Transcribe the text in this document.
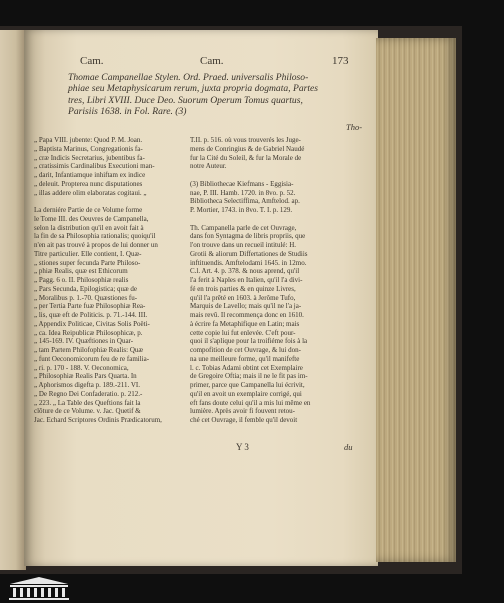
Cam.	Cam.	173
Thomae Campanellae Stylen. Ord. Praed. universalis Philoso-
phiae seu Metaphysicarum rerum, juxta propria dogmata, Partes
tres, Libri XVIII. Duce Deo. Suorum Operum Tomus quartus,
Parisiis 1638. in Fol. Rare. (3)
Tho-
„ Papa VIII. jubente: Quod P. M. Joan.
„ Baptista Marinus, Congregationis fa-
„ cræ Indicis Secretarius, jubentibus fa-
„ cratissimis Cardinalibus Executioni man-
„ darit, Infantiamque inhiftam ex indice
„ deleuit. Propterea nunc disputationes
„ illas addere olim elaboratas cogitaui. „

La derniére Partie de ce Volume forme
le Tome III. des Oeuvres de Campanella,
selon la distribution qu'il en avoit fait à
la fin de sa Philosophia rationalis; quoiqu'il
n'en ait pas trouvé à propos de lui donner un
Titre particulier. Elle contient, I. Quæ-
„ stiones super fecunda Parte Philoso-
„ phiæ Realis, quæ est Ethicorum
„ Pagg. 6 o. II. Philosophiæ realis
„ Pars Secunda, Epilogistica; quæ de
„ Moralibus p. 1.-70. Quæstiones fu-
„ per Tertia Parte fuæ Philosophiæ Rea-
„ lis, quæ eft de Politicis. p. 71.-144. III.
„ Appendix Politicae, Civitas Solis Poëti-
„ ca. Idea Reipublicæ Philosophicæ, p.
„ 145-169. IV. Quæftiones in Quar-
„ tam Partem Philofophiæ Realis: Quæ
„ funt Oeconomicorum feu de re familia-
„ ri. p. 170 - 188. V. Oeconomica,
„ Philosophiæ Realis Pars Quarta. In
„ Aphorismos digefta p. 189.-211. VI.
„ De Regno Dei Confaderatio. p. 212.-
„ 223. „ La Table des Queftions fait la
clôture de ce Volume. v. Jac. Quetif &
Jac. Echard Scriptores Ordinis Prædicatorum,
T.II. p. 516. où vous trouverés les Juge-
mens de Conringius & de Gabriel Naudé
fur la Cité du Soleil, & fur la Morale de
notre Auteur.

(3) Bibliothecae Kiefmans - Eggisia-
nae, P. III. Hamb. 1720. in 8vo. p. 52.
Bibliotheca Selectiffima, Amftelod. ap.
P. Mortier, 1743. in 8vo. T. I. p. 129.

Th. Campanella parle de cet Ouvrage,
dans fon Syntagma de libris propriis, que
l'on trouve dans un recueil intitulé: H.
Grotii & aliorum Differtationes de Studiis
inftituendis. Amftelodami 1645. in 12mo.
C.l. Art. 4. p. 378. & nous aprend, qu'il
l'a ferit à Naples en Italien, qu'il l'a divi-
fé en trois parties & en quinze Livres,
qu'il l'a prêté en 1603. à Jerôme Tufo,
Marquis de Lavello; mais qu'il ne l'a ja-
mais revû. Il recommença donc en 1610.
à écrire fa Metaphifique en Latin; mais
cette copie lui fut enlevée. C'eft pour-
quoi il s'aplique pour la troifiéme fois à la
compofition de cet Ouvrage, & lui don-
na une meilleure forme, qu'il manifefte
l. c. Tobias Adami obtint cet Exemplaire
de Gregoire Oftia; mais il ne le fit pas im-
primer, parce que Campanella lui écrivit,
qu'il en avoit un exemplaire corrigé, qui
eft fans doute celui qu'il a mis lui même en
lumière. Après avoir fi fouvent retou-
ché cet Ouvrage, il femble qu'il devoit
Y 3	du
